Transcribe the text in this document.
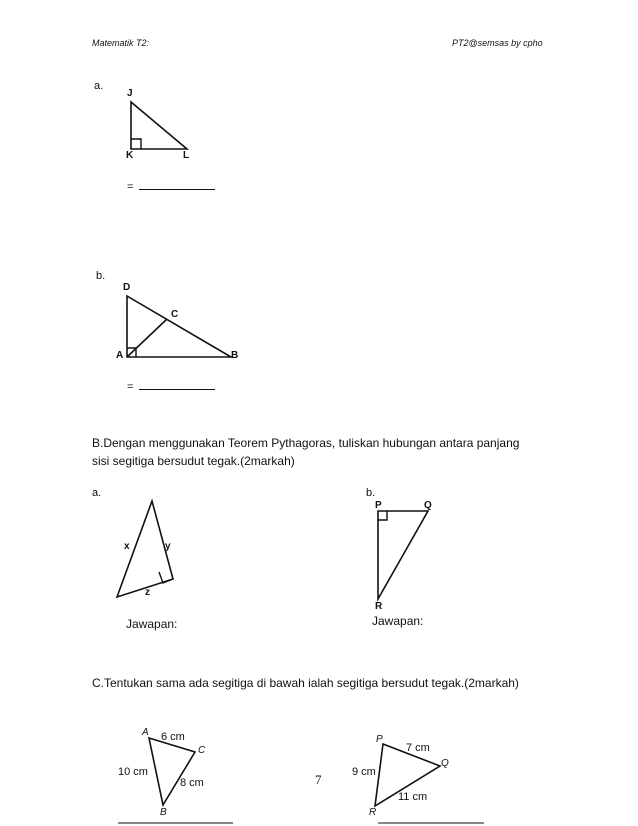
Matematik T2:	PT2@semsas by cpho
a.
J
K	L
=
b.
D
C
A	B
=
B.Dengan menggunakan Teorem Pythagoras, tuliskan hubungan antara panjang
sisi segitiga bersudut tegak.(2markah)
a.
x	y
z
Jawapan:
b.
P	Q
R
Jawapan:
C.Tentukan sama ada segitiga di bawah ialah segitiga bersudut tegak.(2markah)
A
C
B
6 cm
10 cm
8 cm
P
Q
R
7 cm
9 cm
11 cm
7
